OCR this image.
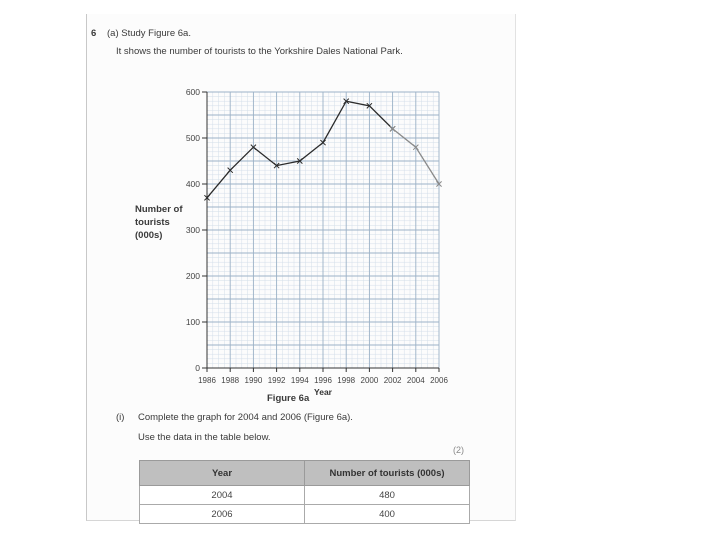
6 (a) Study Figure 6a.
It shows the number of tourists to the Yorkshire Dales National Park.
Number of
tourists
(000s)
0
100
200
300
400
500
600
1986 1988 1990 1992 1994 1996 1998 2000 2002 2004 2006
Year
Figure 6a
(i) Complete the graph for 2004 and 2006 (Figure 6a).
Use the data in the table below.
(2)
Year	Number of tourists (000s)
2004	480
2006	400
